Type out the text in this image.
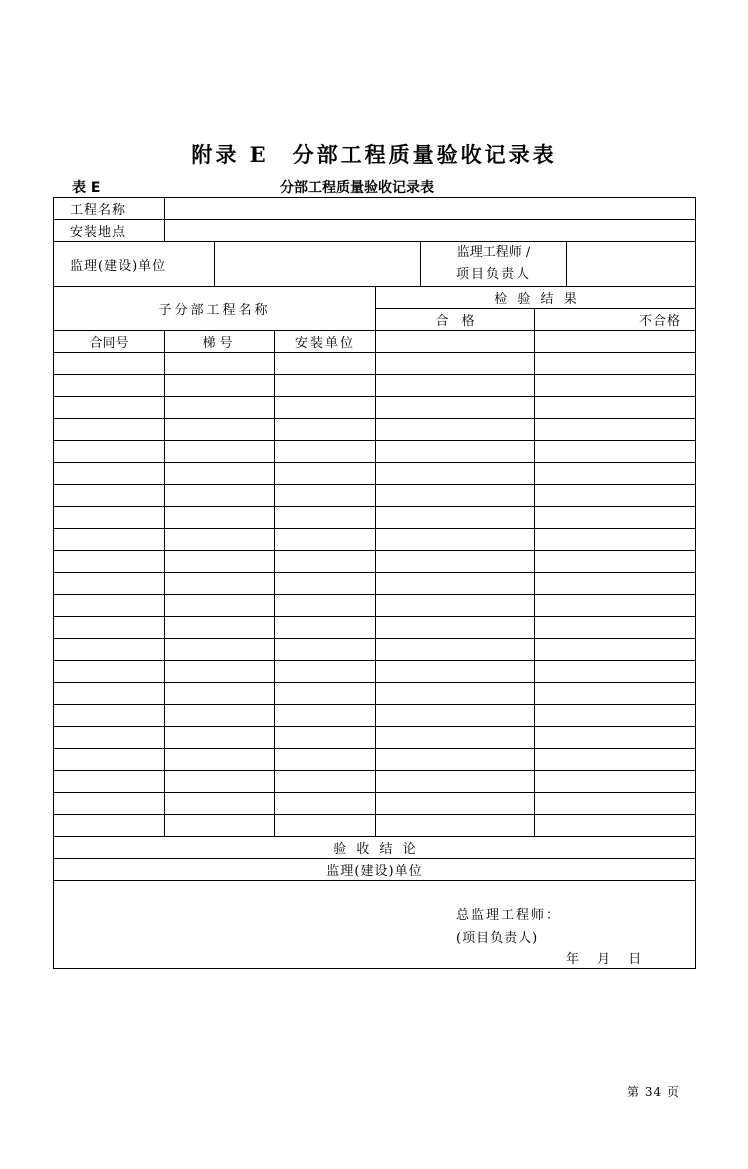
附录 E　分部工程质量验收记录表
表 E	分部工程质量验收记录表
工程名称							
安装地点							
监理(建设)单位					监理工程师 /
项目负责人		

子分部工程名称				检 验 结 果			
				合　格		不合格	
合同号	梯号		安装单位				

验 收 结 论							
监理(建设)单位							

总监理工程师：
(项目负责人)
年 月 日							
第 34 页
